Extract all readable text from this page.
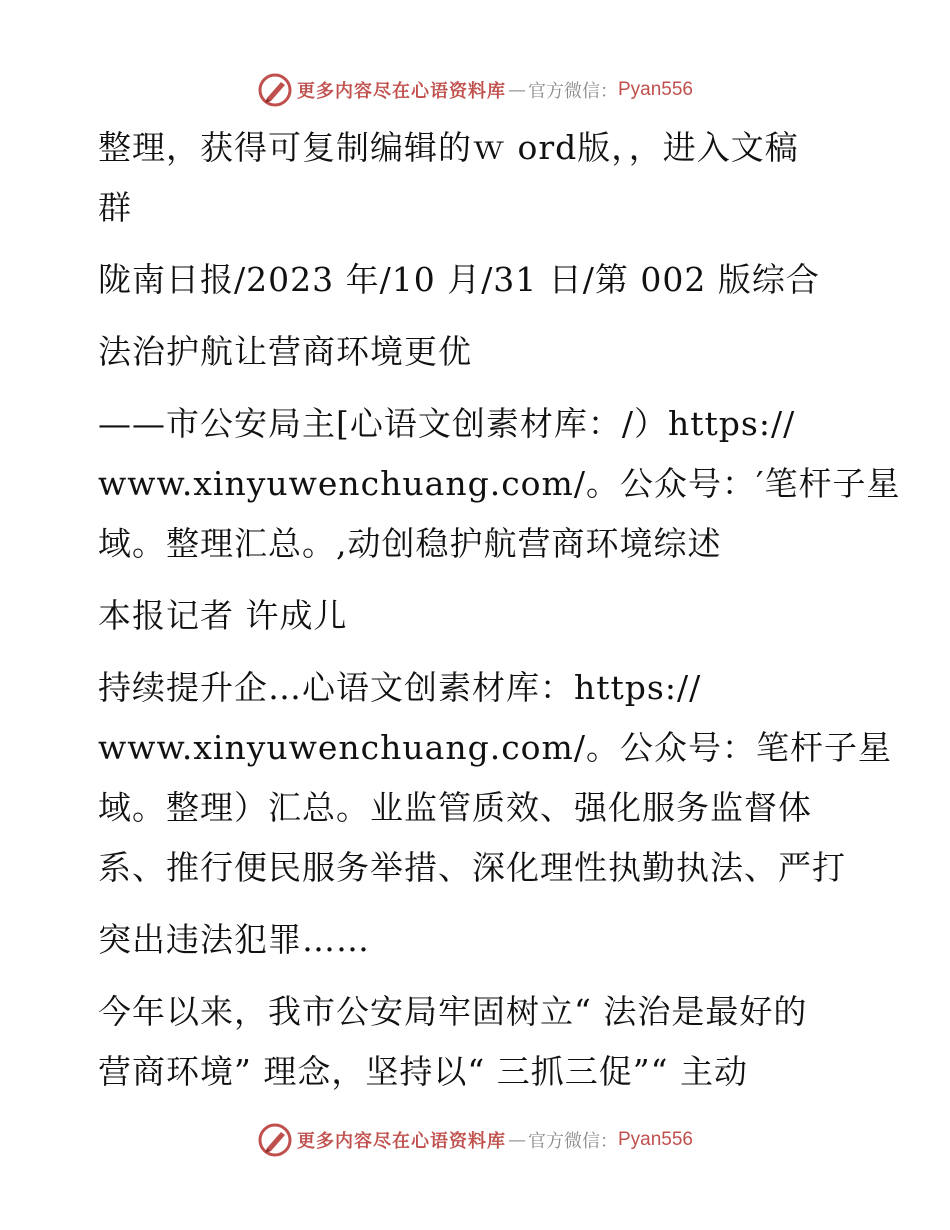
更多内容尽在心语资料库 — 官方微信： Pyan556
整理，获得可复制编辑的ｗ ord版，，进入文稿
群
陇南日报/2023 年/10 月/31 日/第 002 版综合
法治护航让营商环境更优
——市公安局主[心语文创素材库：/）https://
www.xinyuwenchuang.com/。公众号：′笔杆子星
域。整理汇总。,动创稳护航营商环境综述
本报记者 许成儿
持续提升企…心语文创素材库：https://
www.xinyuwenchuang.com/。公众号：笔杆子星
域。整理）汇总。业监管质效、强化服务监督体
系、推行便民服务举措、深化理性执勤执法、严打
突出违法犯罪……
今年以来，我市公安局牢固树立“ 法治是最好的
营商环境” 理念，坚持以“ 三抓三促”“ 主动
更多内容尽在心语资料库 — 官方微信： Pyan556
